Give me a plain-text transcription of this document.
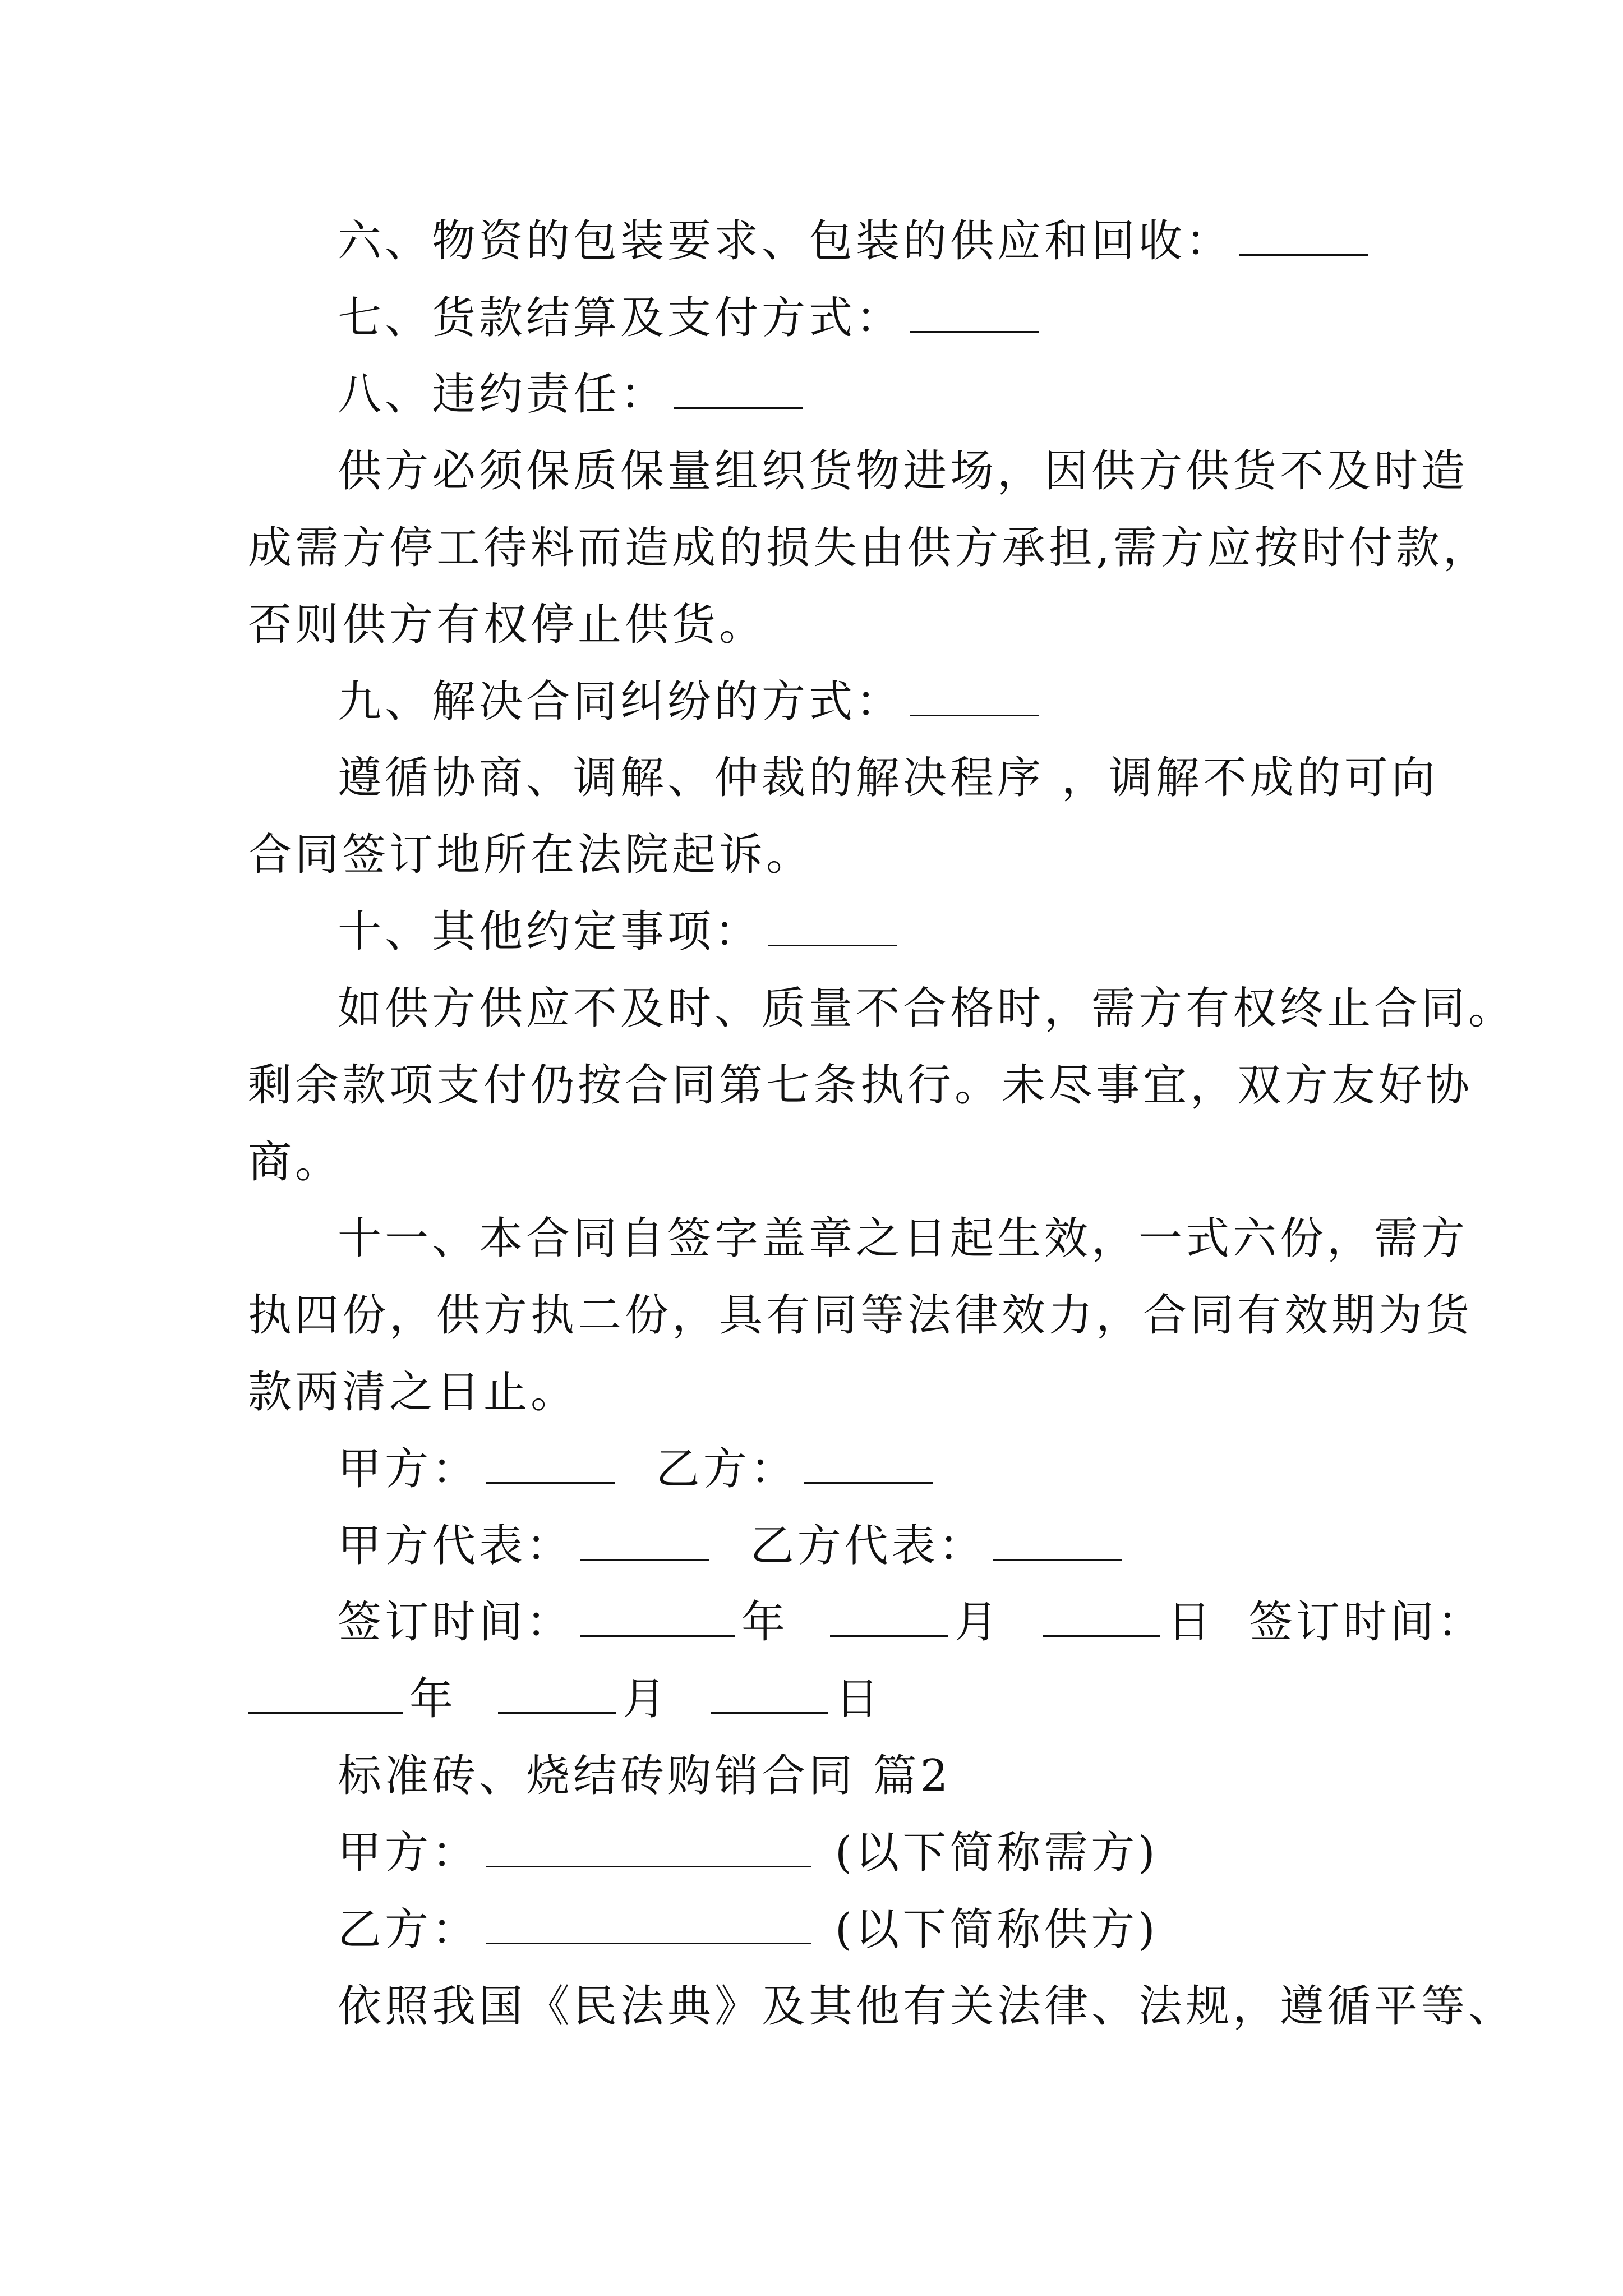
六、物资的包装要求、包装的供应和回收：
七、货款结算及支付方式：
八、违约责任：
供方必须保质保量组织货物进场，因供方供货不及时造
成需方停工待料而造成的损失由供方承担,需方应按时付款，
否则供方有权停止供货。
九、解决合同纠纷的方式：
遵循协商、调解、仲裁的解决程序 ，调解不成的可向
合同签订地所在法院起诉。
十、其他约定事项：
如供方供应不及时、质量不合格时，需方有权终止合同。
剩余款项支付仍按合同第七条执行。未尽事宜，双方友好协
商。
十一、本合同自签字盖章之日起生效，一式六份，需方
执四份，供方执二份，具有同等法律效力，合同有效期为货
款两清之日止。
甲方：	乙方：
甲方代表：	乙方代表：
签订时间：	年	月	日 签订时间：
年	月	日
标准砖、烧结砖购销合同 篇2
甲方：	(以下简称需方)
乙方：	(以下简称供方)
依照我国《民法典》及其他有关法律、法规，遵循平等、
